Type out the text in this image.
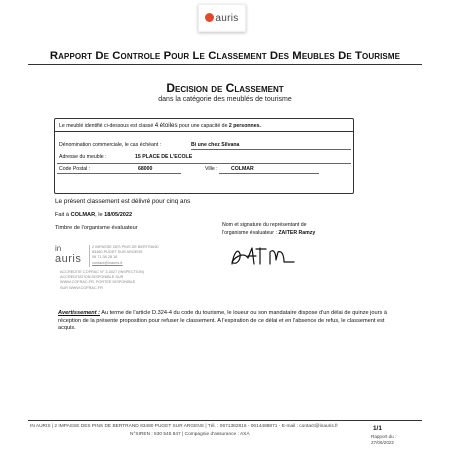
auris
Rapport De Controle Pour Le Classement Des Meubles De Tourisme
Decision de Classement
dans la catégorie des meublés de tourisme
Le meublé identifié ci-dessous est classé 4 étoiles pour une capacité de 2 personnes.
Dénomination commerciale, le cas échéant :	Bi une chez Silvana
Adresse du meuble :	15 PLACE DE L'ECOLE
Code Postal :	68000	Ville :	COLMAR
Le présent classement est délivré pour cinq ans
Fait à COLMAR, le 18/05/2022
Timbre de l'organisme évaluateur
in
auris
2 IMPASSE DES PINS DE BERTRAND
83480 PUGET SUR ARGENS
06 71 38 28 16
contact@inauris.fr
ACCREDITE COFRAC N° 3-0027 (INSPECTION)
ACCREDITATION DISPONIBLE SUR
WWW.COFRAC.FR, PORTEE DISPONIBLE
SUR WWW.COFRAC.FR
Nom et signature du représentant de
l'organisme évaluateur : ZAITER Ramzy
Avertissement : Au terme de l'article D.324-4 du code du tourisme, le loueur ou son mandataire dispose d'un délai de quinze jours à réception de la présente proposition pour refuser le classement. A l'expiration de ce délai et en l'absence de refus, le classement est acquis.
IN AURIS | 2 IMPASSE DES PINS DE BERTRAND 83480 PUGET SUR ARGENS | Tél. : 0671382816 - 0614488871 - E-mail : contact@inauris.fr
N°SIREN : 530 545 847 | Compagnie d'assurance : AXA
1/1
Rapport du :
27/06/2022
